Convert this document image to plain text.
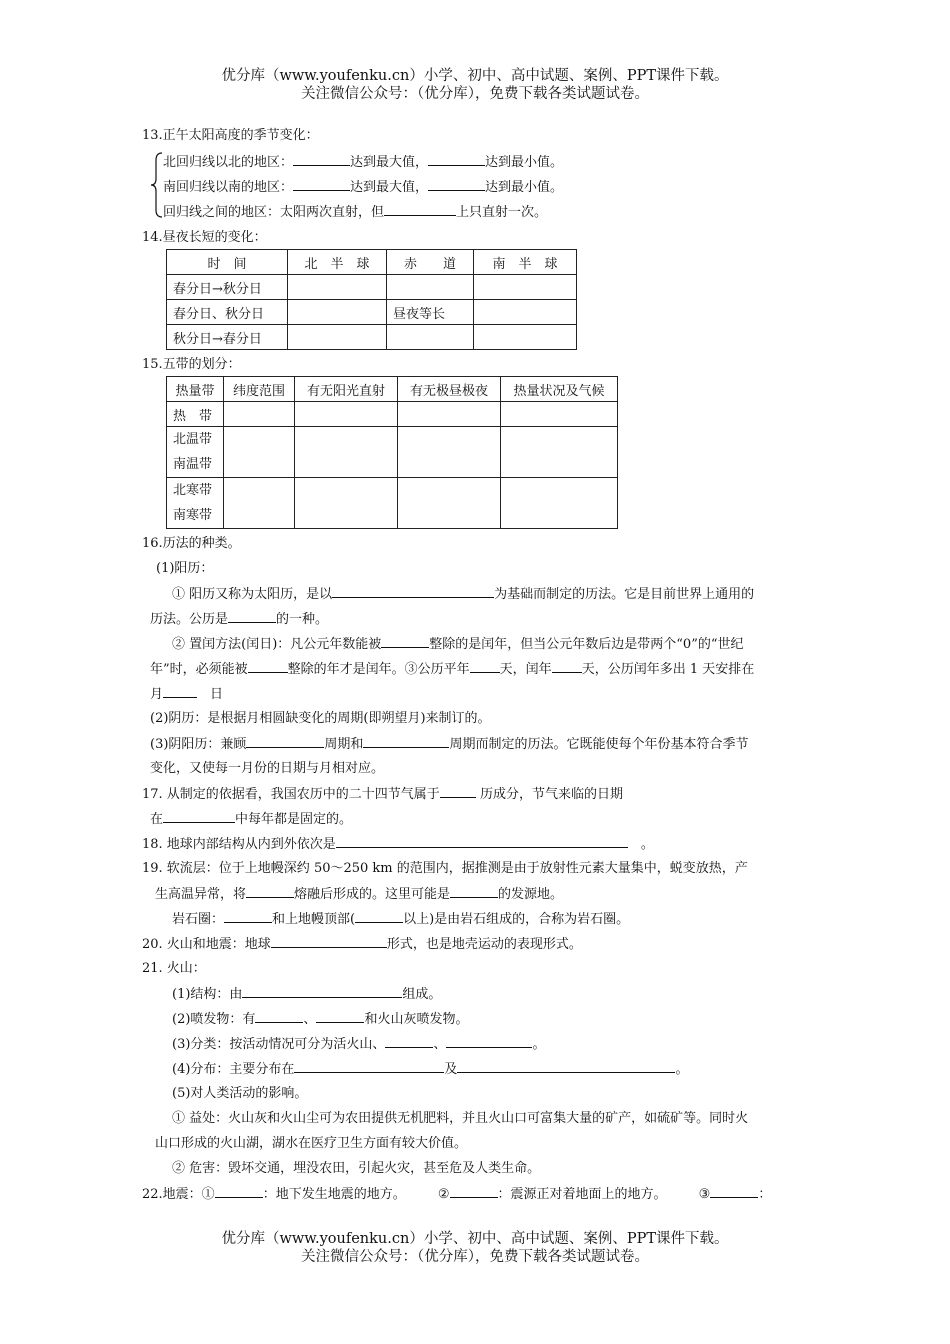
优分库（www.youfenku.cn）小学、初中、高中试题、案例、PPT课件下载。
关注微信公众号：（优分库），免费下载各类试题试卷。
13.正午太阳高度的季节变化：
北回归线以北的地区：	达到最大值，	达到最小值。
南回归线以南的地区：	达到最大值，	达到最小值。
回归线之间的地区：太阳两次直射，但	上只直射一次。
14.昼夜长短的变化：
时　间	北　半　球	赤　　道	南　半　球
春分日→秋分日			
春分日、秋分日		昼夜等长	
秋分日→春分日			
15.五带的划分：
热量带	纬度范围	有无阳光直射	有无极昼极夜	热量状况及气候
热　带				
北温带
南温带				
北寒带
南寒带				
16.历法的种类。
(1)阳历：
① 阳历又称为太阳历，是以	为基础而制定的历法。它是目前世界上通用的
历法。公历是	的一种。
② 置闰方法(闰日)：凡公元年数能被	整除的是闰年，但当公元年数后边是带两个“0”的“世纪
年”时，必须能被	整除的年才是闰年。③公历平年 天，闰年 天，公历闰年多出 1 天安排在
月　	日
(2)阴历：是根据月相圆缺变化的周期(即朔望月)来制订的。
(3)阴阳历：兼顾	周期和	周期而制定的历法。它既能使每个年份基本符合季节
变化，又使每一月份的日期与月相对应。
17. 从制定的依据看，我国农历中的二十四节气属于	历成分，节气来临的日期
在	中每年都是固定的。
18. 地球内部结构从内到外依次是　	。
19. 软流层：位于上地幔深约 50～250 km 的范围内，据推测是由于放射性元素大量集中，蜕变放热，产
生高温异常，将	熔融后形成的。这里可能是	的发源地。
岩石圈：	和上地幔顶部(	以上)是由岩石组成的，合称为岩石圈。
20. 火山和地震：地球	形式，也是地壳运动的表现形式。
21. 火山：
(1)结构：由	组成。
(2)喷发物：有	、	和火山灰喷发物。
(3)分类：按活动情况可分为活火山、	、	。
(4)分布：主要分布在	及	。
(5)对人类活动的影响。
① 益处：火山灰和火山尘可为农田提供无机肥料，并且火山口可富集大量的矿产，如硫矿等。同时火
山口形成的火山湖，湖水在医疗卫生方面有较大价值。
② 危害：毁坏交通，埋没农田，引起火灾，甚至危及人类生命。
22.地震：①	：地下发生地震的地方。 ②	：震源正对着地面上的地方。 ③	：
优分库（www.youfenku.cn）小学、初中、高中试题、案例、PPT课件下载。
关注微信公众号：（优分库），免费下载各类试题试卷。
